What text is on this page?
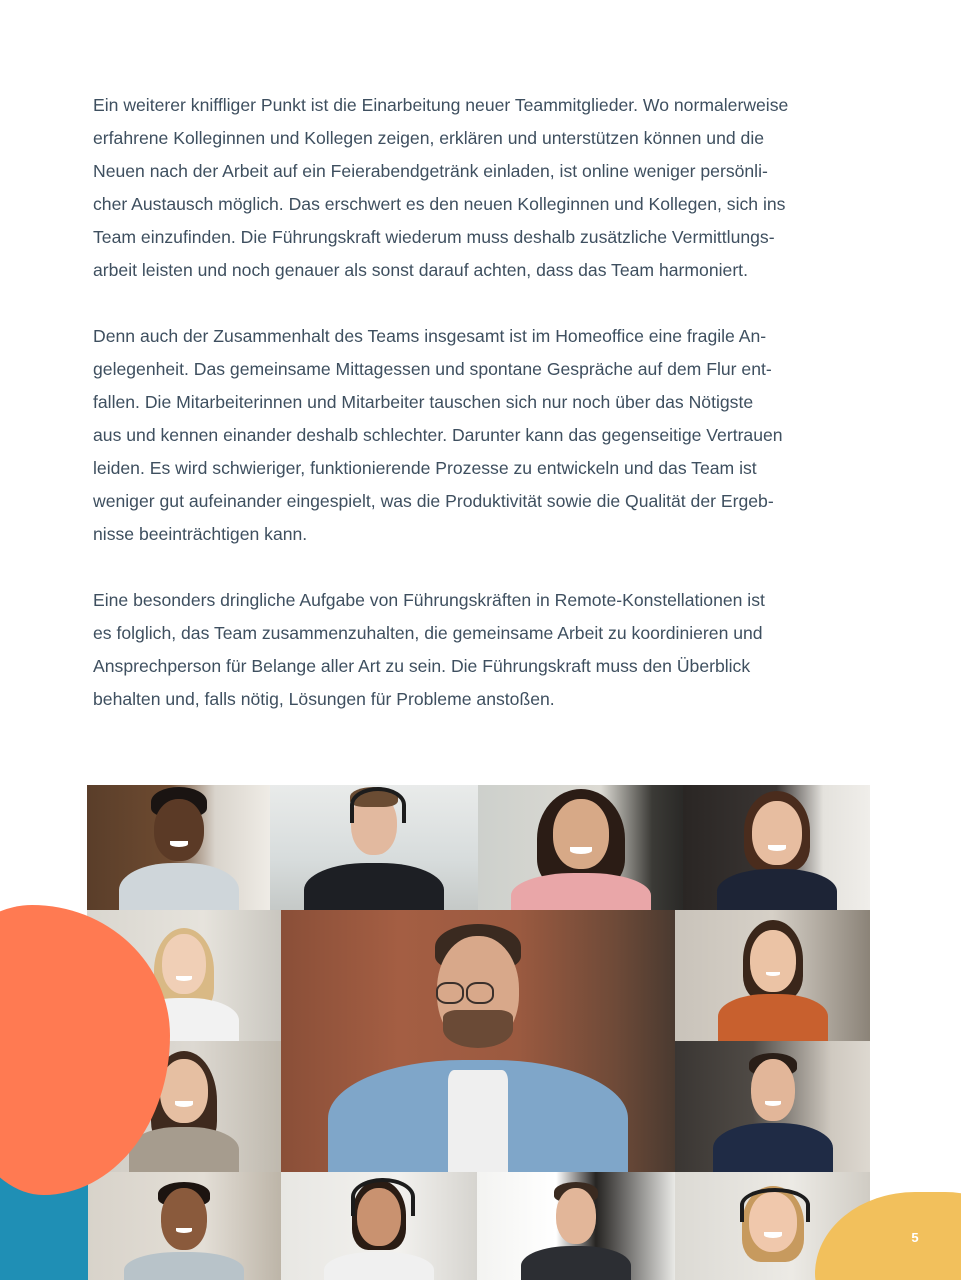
Ein weiterer kniffliger Punkt ist die Einarbeitung neuer Teammitglieder. Wo normalerweise
erfahrene Kolleginnen und Kollegen zeigen, erklären und unterstützen können und die
Neuen nach der Arbeit auf ein Feierabendgetränk einladen, ist online weniger persönli-
cher Austausch möglich. Das erschwert es den neuen Kolleginnen und Kollegen, sich ins
Team einzufinden. Die Führungskraft wiederum muss deshalb zusätzliche Vermittlungs-
arbeit leisten und noch genauer als sonst darauf achten, dass das Team harmoniert.

Denn auch der Zusammenhalt des Teams insgesamt ist im Homeoffice eine fragile An-
gelegenheit. Das gemeinsame Mittagessen und spontane Gespräche auf dem Flur ent-
fallen. Die Mitarbeiterinnen und Mitarbeiter tauschen sich nur noch über das Nötigste
aus und kennen einander deshalb schlechter. Darunter kann das gegenseitige Vertrauen
leiden. Es wird schwieriger, funktionierende Prozesse zu entwickeln und das Team ist
weniger gut aufeinander eingespielt, was die Produktivität sowie die Qualität der Ergeb-
nisse beeinträchtigen kann.

Eine besonders dringliche Aufgabe von Führungskräften in Remote-Konstellationen ist
es folglich, das Team zusammenzuhalten, die gemeinsame Arbeit zu koordinieren und
Ansprechperson für Belange aller Art zu sein. Die Führungskraft muss den Überblick
behalten und, falls nötig, Lösungen für Probleme anstoßen.

5
